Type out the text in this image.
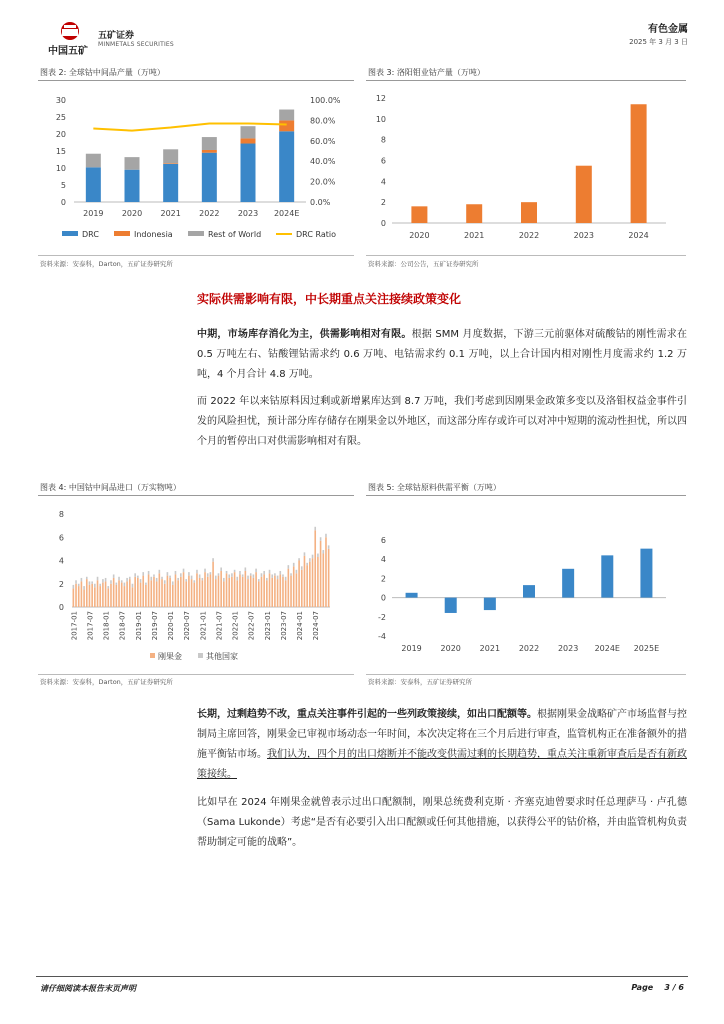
中国五矿
五矿证券
MINMETALS SECURITIES
有色金属
2025 年 3 月 3 日
图表 2: 全球钴中间品产量（万吨）
0
5
10
15
20
25
30
0.0%
20.0%
40.0%
60.0%
80.0%
100.0%
2019 2020 2021 2022 2023 2024E
DRC	Indonesia	Rest of World	DRC Ratio
资料来源：安泰科，Darton，五矿证券研究所
图表 3: 洛阳钼业钴产量（万吨）
0
2
4
6
8
10
12
2020	2021	2022	2023	2024
资料来源：公司公告，五矿证券研究所
实际供需影响有限，中长期重点关注接续政策变化
中期，市场库存消化为主，供需影响相对有限。根据 SMM 月度数据，下游三元前驱体对硫酸钴的刚性需求在 0.5 万吨左右、钴酸锂钴需求约 0.6 万吨、电钴需求约 0.1 万吨，以上合计国内相对刚性月度需求约 1.2 万吨，4 个月合计 4.8 万吨。
而 2022 年以来钴原料因过剩或新增累库达到 8.7 万吨，我们考虑到因刚果金政策多变以及洛钼权益金事件引发的风险担忧，预计部分库存储存在刚果金以外地区，而这部分库存或许可以对冲中短期的流动性担忧，所以四个月的暂停出口对供需影响相对有限。
图表 4: 中国钴中间品进口（万实物吨）
0
2
4
6
8
2017-01 2017-07 2018-01 2018-07 2019-01 2019-07 2020-01 2020-07 2021-01 2021-07 2022-01 2022-07 2023-01 2023-07 2024-01 2024-07
刚果金	其他国家
资料来源：安泰科，Darton，五矿证券研究所
图表 5: 全球钴原料供需平衡（万吨）
-4
-2
0
2
4
6
2019 2020 2021 2022 2023 2024E 2025E
资料来源：安泰科，五矿证券研究所
长期，过剩趋势不改，重点关注事件引起的一些列政策接续，如出口配额等。根据刚果金战略矿产市场监督与控制局主席回答，刚果金已审视市场动态一年时间，本次决定将在三个月后进行审查，监管机构正在准备额外的措施平衡钴市场。我们认为，四个月的出口熔断并不能改变供需过剩的长期趋势，重点关注重新审查后是否有新政策接续。
比如早在 2024 年刚果金就曾表示过出口配额制，刚果总统费利克斯 · 齐塞克迪曾要求时任总理萨马 · 卢孔德（Sama Lukonde）考虑“是否有必要引入出口配额或任何其他措施，以获得公平的钴价格，并由监管机构负责帮助制定可能的战略”。
请仔细阅读本报告末页声明	Page    3 / 6
